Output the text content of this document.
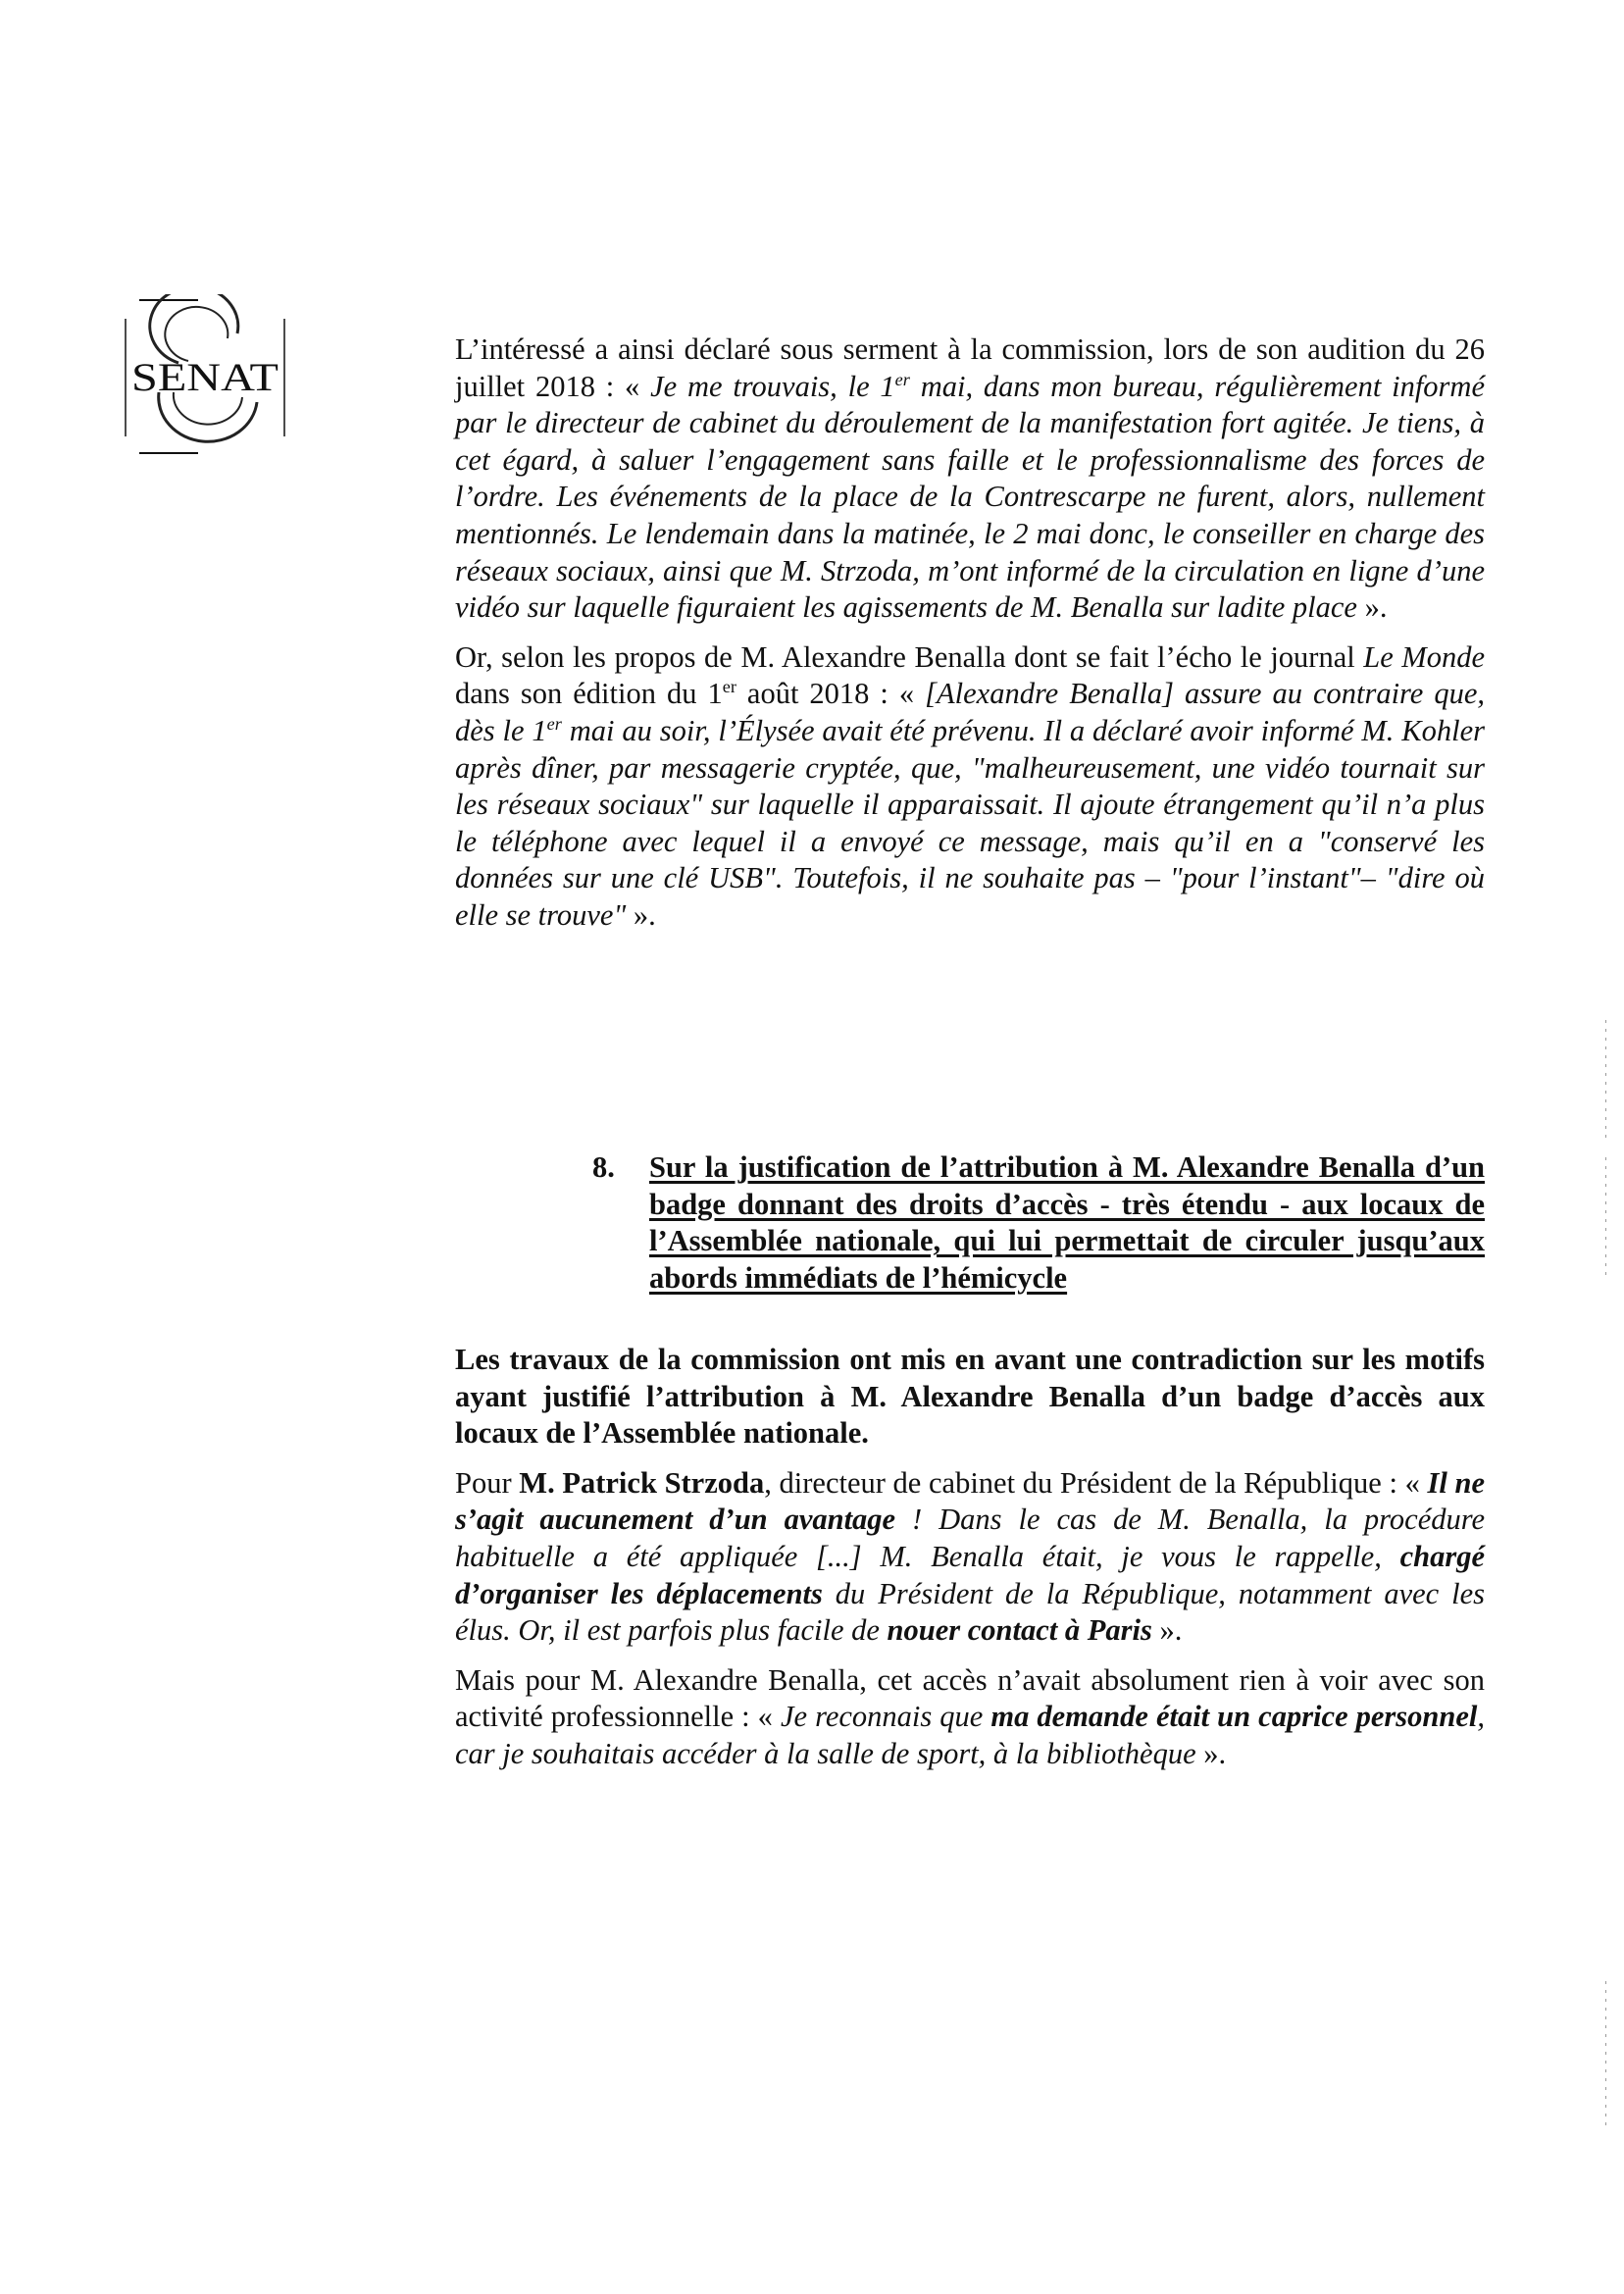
SENAT

L’intéressé a ainsi déclaré sous serment à la commission, lors de son audition du 26 juillet 2018 : « Je me trouvais, le 1er mai, dans mon bureau, régulièrement informé par le directeur de cabinet du déroulement de la manifestation fort agitée. Je tiens, à cet égard, à saluer l’engagement sans faille et le professionnalisme des forces de l’ordre. Les événements de la place de la Contrescarpe ne furent, alors, nullement mentionnés. Le lendemain dans la matinée, le 2 mai donc, le conseiller en charge des réseaux sociaux, ainsi que M. Strzoda, m’ont informé de la circulation en ligne d’une vidéo sur laquelle figuraient les agissements de M. Benalla sur ladite place ».

Or, selon les propos de M. Alexandre Benalla dont se fait l’écho le journal Le Monde dans son édition du 1er août 2018 : « [Alexandre Benalla] assure au contraire que, dès le 1er mai au soir, l’Élysée avait été prévenu. Il a déclaré avoir informé M. Kohler après dîner, par messagerie cryptée, que, "malheureusement, une vidéo tournait sur les réseaux sociaux" sur laquelle il apparaissait. Il ajoute étrangement qu’il n’a plus le téléphone avec lequel il a envoyé ce message, mais qu’il en a "conservé les données sur une clé USB". Toutefois, il ne souhaite pas – "pour l’instant"– "dire où elle se trouve" ».

8. Sur la justification de l’attribution à M. Alexandre Benalla d’un badge donnant des droits d’accès - très étendu - aux locaux de l’Assemblée nationale, qui lui permettait de circuler jusqu’aux abords immédiats de l’hémicycle

Les travaux de la commission ont mis en avant une contradiction sur les motifs ayant justifié l’attribution à M. Alexandre Benalla d’un badge d’accès aux locaux de l’Assemblée nationale.

Pour M. Patrick Strzoda, directeur de cabinet du Président de la République : « Il ne s’agit aucunement d’un avantage ! Dans le cas de M. Benalla, la procédure habituelle a été appliquée [...] M. Benalla était, je vous le rappelle, chargé d’organiser les déplacements du Président de la République, notamment avec les élus. Or, il est parfois plus facile de nouer contact à Paris ».

Mais pour M. Alexandre Benalla, cet accès n’avait absolument rien à voir avec son activité professionnelle : « Je reconnais que ma demande était un caprice personnel, car je souhaitais accéder à la salle de sport, à la bibliothèque ».
